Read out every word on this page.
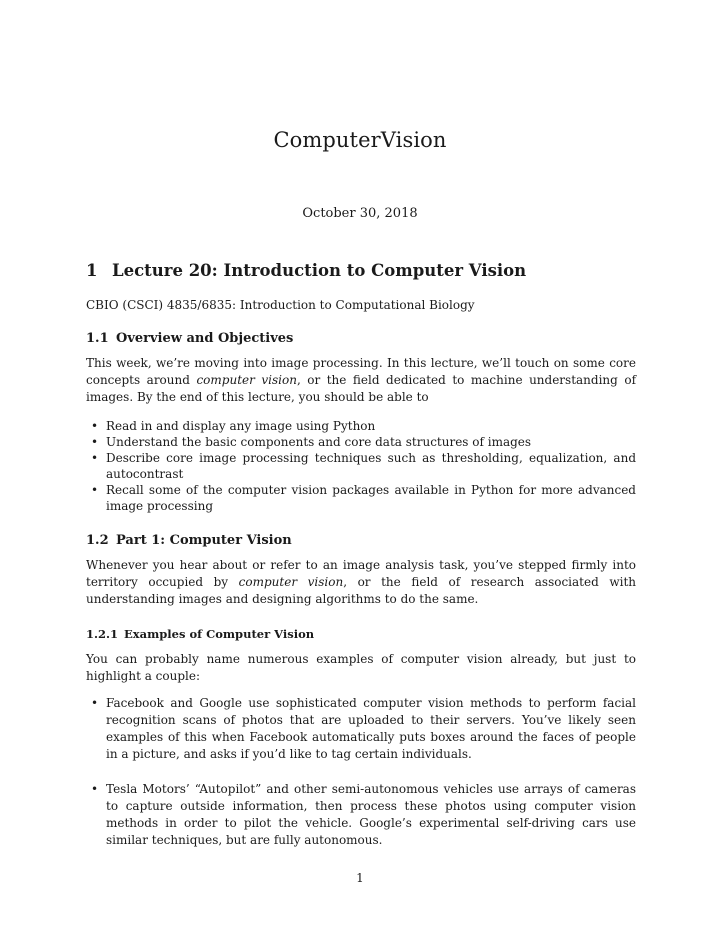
ComputerVision
October 30, 2018
1 Lecture 20: Introduction to Computer Vision

CBIO (CSCI) 4835/6835: Introduction to Computational Biology

1.1 Overview and Objectives

This week, we’re moving into image processing. In this lecture, we’ll touch on some core concepts around computer vision, or the field dedicated to machine understanding of images. By the end of this lecture, you should be able to

• Read in and display any image using Python
• Understand the basic components and core data structures of images
• Describe core image processing techniques such as thresholding, equalization, and autocontrast
• Recall some of the computer vision packages available in Python for more advanced image processing
1.2 Part 1: Computer Vision

Whenever you hear about or refer to an image analysis task, you’ve stepped firmly into territory occupied by computer vision, or the field of research associated with understanding images and designing algorithms to do the same.

1.2.1 Examples of Computer Vision

You can probably name numerous examples of computer vision already, but just to highlight a couple:

• Facebook and Google use sophisticated computer vision methods to perform facial recognition scans of photos that are uploaded to their servers. You’ve likely seen examples of this when Facebook automatically puts boxes around the faces of people in a picture, and asks if you’d like to tag certain individuals.
• Tesla Motors’ “Autopilot” and other semi-autonomous vehicles use arrays of cameras to capture outside information, then process these photos using computer vision methods in order to pilot the vehicle. Google’s experimental self-driving cars use similar techniques, but are fully autonomous.
1
